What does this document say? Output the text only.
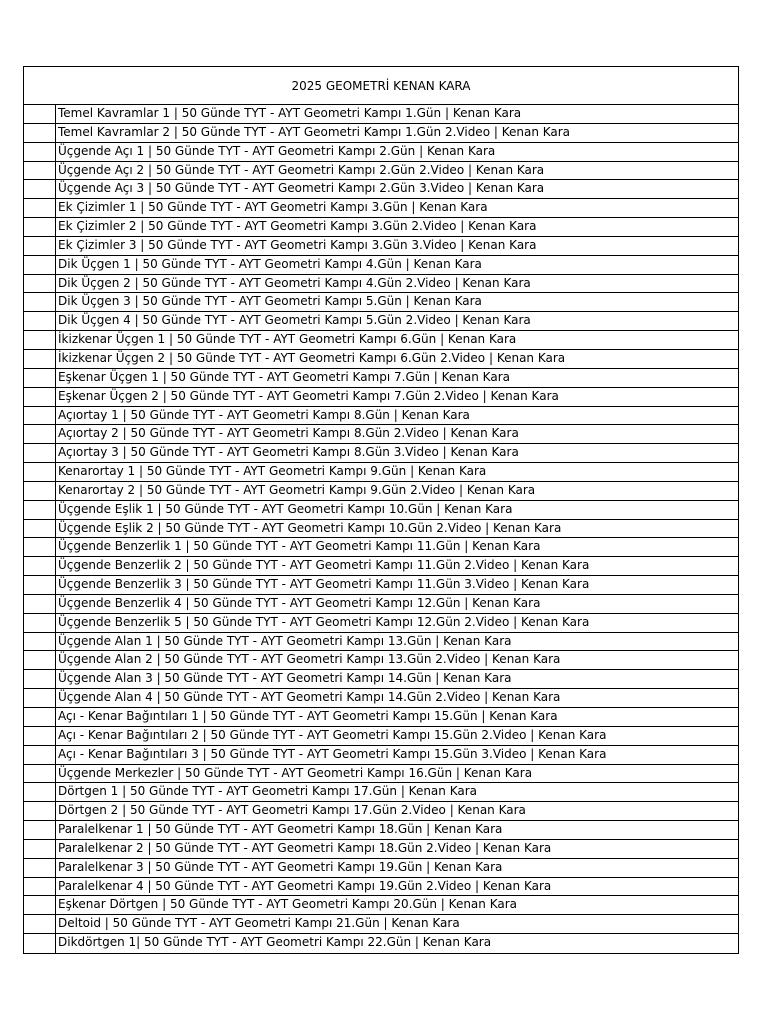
2025 GEOMETRİ KENAN KARA
Temel Kavramlar 1 | 50 Günde TYT - AYT Geometri Kampı 1.Gün | Kenan Kara
Temel Kavramlar 2 | 50 Günde TYT - AYT Geometri Kampı 1.Gün 2.Video | Kenan Kara
Üçgende Açı 1 | 50 Günde TYT - AYT Geometri Kampı 2.Gün | Kenan Kara
Üçgende Açı 2 | 50 Günde TYT - AYT Geometri Kampı 2.Gün 2.Video | Kenan Kara
Üçgende Açı 3 | 50 Günde TYT - AYT Geometri Kampı 2.Gün 3.Video | Kenan Kara
Ek Çizimler 1 | 50 Günde TYT - AYT Geometri Kampı 3.Gün | Kenan Kara
Ek Çizimler 2 | 50 Günde TYT - AYT Geometri Kampı 3.Gün 2.Video | Kenan Kara
Ek Çizimler 3 | 50 Günde TYT - AYT Geometri Kampı 3.Gün 3.Video | Kenan Kara
Dik Üçgen 1 | 50 Günde TYT - AYT Geometri Kampı 4.Gün | Kenan Kara
Dik Üçgen 2 | 50 Günde TYT - AYT Geometri Kampı 4.Gün 2.Video | Kenan Kara
Dik Üçgen 3 | 50 Günde TYT - AYT Geometri Kampı 5.Gün | Kenan Kara
Dik Üçgen 4 | 50 Günde TYT - AYT Geometri Kampı 5.Gün 2.Video | Kenan Kara
İkizkenar Üçgen 1 | 50 Günde TYT - AYT Geometri Kampı 6.Gün | Kenan Kara
İkizkenar Üçgen 2 | 50 Günde TYT - AYT Geometri Kampı 6.Gün 2.Video | Kenan Kara
Eşkenar Üçgen 1 | 50 Günde TYT - AYT Geometri Kampı 7.Gün | Kenan Kara
Eşkenar Üçgen 2 | 50 Günde TYT - AYT Geometri Kampı 7.Gün 2.Video | Kenan Kara
Açıortay 1 | 50 Günde TYT - AYT Geometri Kampı 8.Gün | Kenan Kara
Açıortay 2 | 50 Günde TYT - AYT Geometri Kampı 8.Gün 2.Video | Kenan Kara
Açıortay 3 | 50 Günde TYT - AYT Geometri Kampı 8.Gün 3.Video | Kenan Kara
Kenarortay 1 | 50 Günde TYT - AYT Geometri Kampı 9.Gün | Kenan Kara
Kenarortay 2 | 50 Günde TYT - AYT Geometri Kampı 9.Gün 2.Video | Kenan Kara
Üçgende Eşlik 1 | 50 Günde TYT - AYT Geometri Kampı 10.Gün | Kenan Kara
Üçgende Eşlik 2 | 50 Günde TYT - AYT Geometri Kampı 10.Gün 2.Video | Kenan Kara
Üçgende Benzerlik 1 | 50 Günde TYT - AYT Geometri Kampı 11.Gün | Kenan Kara
Üçgende Benzerlik 2 | 50 Günde TYT - AYT Geometri Kampı 11.Gün 2.Video | Kenan Kara
Üçgende Benzerlik 3 | 50 Günde TYT - AYT Geometri Kampı 11.Gün 3.Video | Kenan Kara
Üçgende Benzerlik 4 | 50 Günde TYT - AYT Geometri Kampı 12.Gün | Kenan Kara
Üçgende Benzerlik 5 | 50 Günde TYT - AYT Geometri Kampı 12.Gün 2.Video | Kenan Kara
Üçgende Alan 1 | 50 Günde TYT - AYT Geometri Kampı 13.Gün | Kenan Kara
Üçgende Alan 2 | 50 Günde TYT - AYT Geometri Kampı 13.Gün 2.Video | Kenan Kara
Üçgende Alan 3 | 50 Günde TYT - AYT Geometri Kampı 14.Gün | Kenan Kara
Üçgende Alan 4 | 50 Günde TYT - AYT Geometri Kampı 14.Gün 2.Video | Kenan Kara
Açı - Kenar Bağıntıları 1 | 50 Günde TYT - AYT Geometri Kampı 15.Gün | Kenan Kara
Açı - Kenar Bağıntıları 2 | 50 Günde TYT - AYT Geometri Kampı 15.Gün 2.Video | Kenan Kara
Açı - Kenar Bağıntıları 3 | 50 Günde TYT - AYT Geometri Kampı 15.Gün 3.Video | Kenan Kara
Üçgende Merkezler | 50 Günde TYT - AYT Geometri Kampı 16.Gün | Kenan Kara
Dörtgen 1 | 50 Günde TYT - AYT Geometri Kampı 17.Gün | Kenan Kara
Dörtgen 2 | 50 Günde TYT - AYT Geometri Kampı 17.Gün 2.Video | Kenan Kara
Paralelkenar 1 | 50 Günde TYT - AYT Geometri Kampı 18.Gün | Kenan Kara
Paralelkenar 2 | 50 Günde TYT - AYT Geometri Kampı 18.Gün 2.Video | Kenan Kara
Paralelkenar 3 | 50 Günde TYT - AYT Geometri Kampı 19.Gün | Kenan Kara
Paralelkenar 4 | 50 Günde TYT - AYT Geometri Kampı 19.Gün 2.Video | Kenan Kara
Eşkenar Dörtgen | 50 Günde TYT - AYT Geometri Kampı 20.Gün | Kenan Kara
Deltoid | 50 Günde TYT - AYT Geometri Kampı 21.Gün | Kenan Kara
Dikdörtgen 1| 50 Günde TYT - AYT Geometri Kampı 22.Gün | Kenan Kara
